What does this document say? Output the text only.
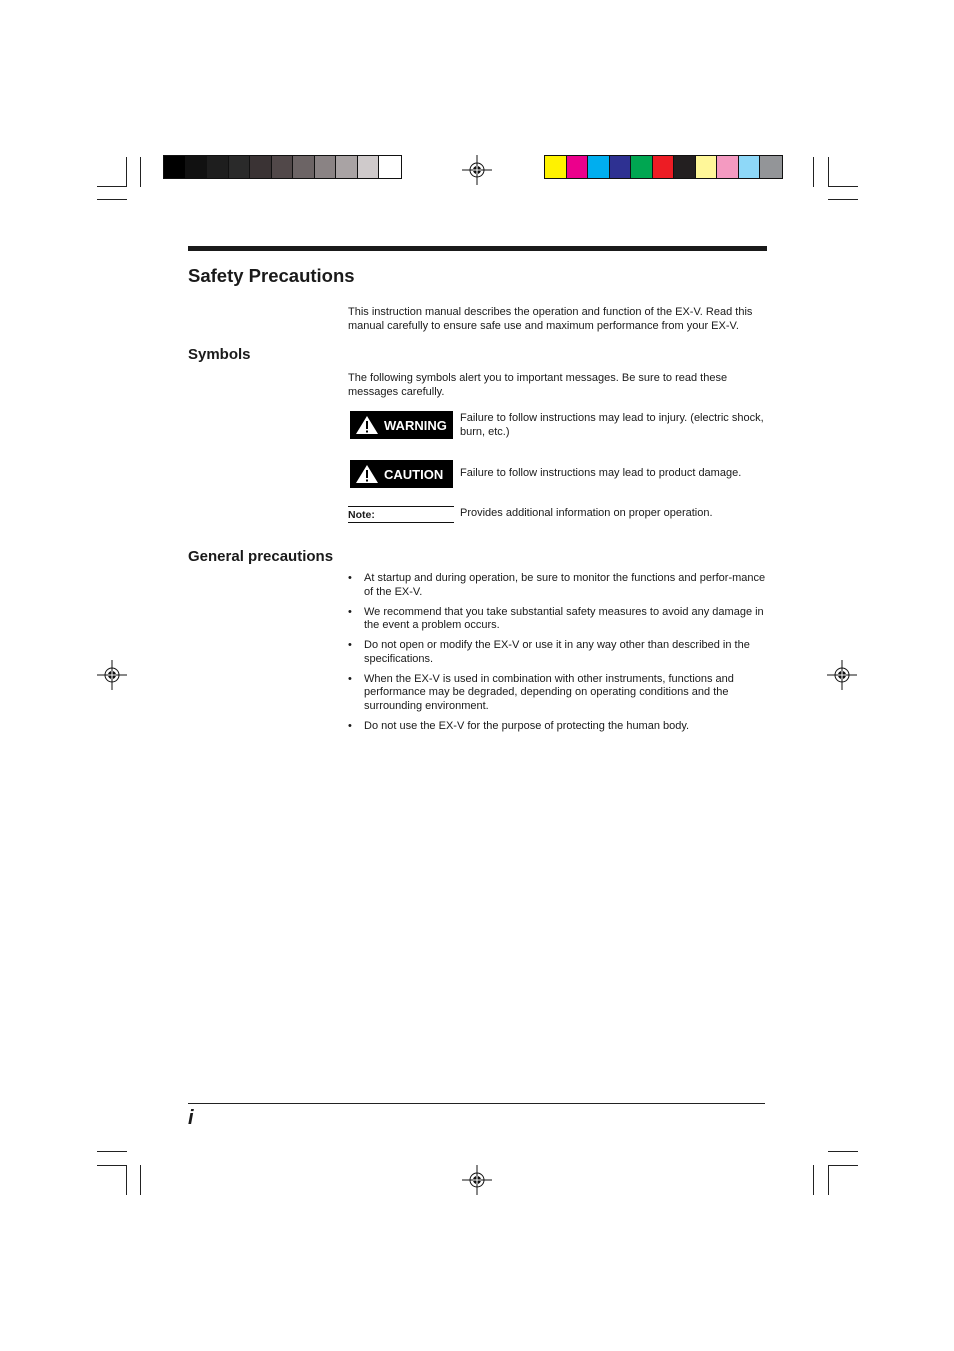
Safety Precautions
This instruction manual describes the operation and function of the EX-V. Read this manual carefully to ensure safe use and maximum performance from your EX-V.
Symbols
The following symbols alert you to important messages. Be sure to read these messages carefully.
WARNING Failure to follow instructions may lead to injury. (electric shock, burn, etc.)
CAUTION Failure to follow instructions may lead to product damage.
Note:	Provides additional information on proper operation.
General precautions
• At startup and during operation, be sure to monitor the functions and perfor-mance of the EX-V.
• We recommend that you take substantial safety measures to avoid any damage in the event a problem occurs.
• Do not open or modify the EX-V or use it in any way other than described in the specifications.
• When the EX-V is used in combination with other instruments, functions and performance may be degraded, depending on operating conditions and the surrounding environment.
• Do not use the EX-V for the purpose of protecting the human body.
i
